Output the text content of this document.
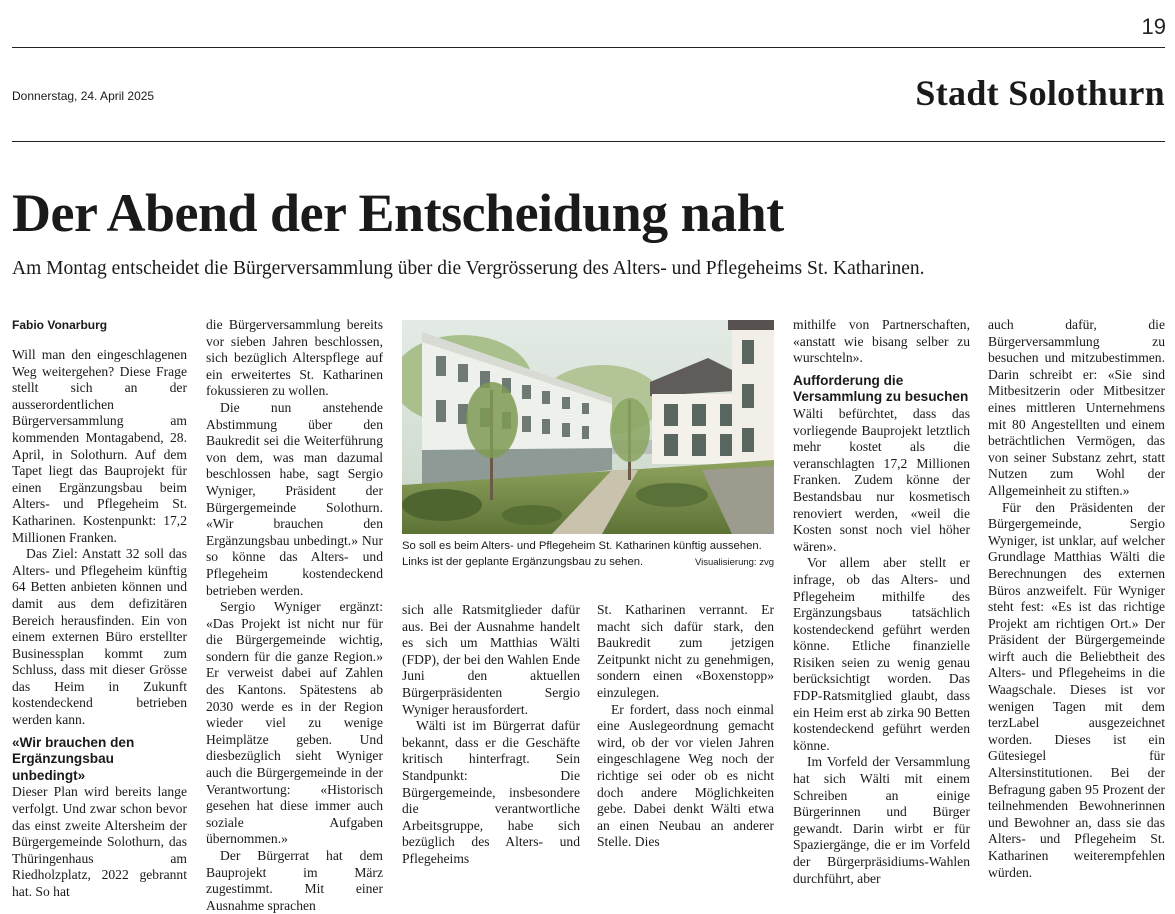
19
Donnerstag, 24. April 2025	Stadt Solothurn
Der Abend der Entscheidung naht
Am Montag entscheidet die Bürgerversammlung über die Vergrösserung des Alters- und Pflegeheims St. Katharinen.
Fabio Vonarburg

Will man den eingeschlagenen Weg weitergehen? Diese Frage stellt sich an der ausserordentlichen Bürgerversammlung am kommenden Montagabend, 28. April, in Solothurn. Auf dem Tapet liegt das Bauprojekt für einen Ergänzungsbau beim Alters- und Pflegeheim St. Katharinen. Kostenpunkt: 17,2 Millionen Franken.

Das Ziel: Anstatt 32 soll das Alters- und Pflegeheim künftig 64 Betten anbieten können und damit aus dem defizitären Bereich herausfinden. Ein von einem externen Büro erstellter Businessplan kommt zum Schluss, dass mit dieser Grösse das Heim in Zukunft kostendeckend betrieben werden kann.

«Wir brauchen den Ergänzungsbau unbedingt»

Dieser Plan wird bereits lange verfolgt. Und zwar schon bevor das einst zweite Altersheim der Bürgergemeinde Solothurn, das Thüringenhaus am Riedholzplatz, 2022 gebrannt hat. So hat

die Bürgerversammlung bereits vor sieben Jahren beschlossen, sich bezüglich Alterspflege auf ein erweitertes St. Katharinen fokussieren zu wollen.

Die nun anstehende Abstimmung über den Baukredit sei die Weiterführung von dem, was man dazumal beschlossen habe, sagt Sergio Wyniger, Präsident der Bürgergemeinde Solothurn. «Wir brauchen den Ergänzungsbau unbedingt.» Nur so könne das Alters- und Pflegeheim kostendeckend betrieben werden.

Sergio Wyniger ergänzt: «Das Projekt ist nicht nur für die Bürgergemeinde wichtig, sondern für die ganze Region.» Er verweist dabei auf Zahlen des Kantons. Spätestens ab 2030 werde es in der Region wieder viel zu wenige Heimplätze geben. Und diesbezüglich sieht Wyniger auch die Bürgergemeinde in der Verantwortung: «Historisch gesehen hat diese immer auch soziale Aufgaben übernommen.»

Der Bürgerrat hat dem Bauprojekt im März zugestimmt. Mit einer Ausnahme sprachen

So soll es beim Alters- und Pflegeheim St. Katharinen künftig aussehen. Links ist der geplante Ergänzungsbau zu sehen.	Visualisierung: zvg

sich alle Ratsmitglieder dafür aus. Bei der Ausnahme handelt es sich um Matthias Wälti (FDP), der bei den Wahlen Ende Juni den aktuellen Bürgerpräsidenten Sergio Wyniger herausfordert.

Wälti ist im Bürgerrat dafür bekannt, dass er die Geschäfte kritisch hinterfragt. Sein Standpunkt: Die Bürgergemeinde, insbesondere die verantwortliche Arbeitsgruppe, habe sich bezüglich des Alters- und Pflegeheims

St. Katharinen verrannt. Er macht sich dafür stark, den Baukredit zum jetzigen Zeitpunkt nicht zu genehmigen, sondern einen «Boxenstopp» einzulegen.

Er fordert, dass noch einmal eine Auslegeordnung gemacht wird, ob der vor vielen Jahren eingeschlagene Weg noch der richtige sei oder ob es nicht doch andere Möglichkeiten gebe. Dabei denkt Wälti etwa an einen Neubau an anderer Stelle. Dies

mithilfe von Partnerschaften, «anstatt wie bisang selber zu wurschteln».

Aufforderung die Versammlung zu besuchen

Wälti befürchtet, dass das vorliegende Bauprojekt letztlich mehr kostet als die veranschlagten 17,2 Millionen Franken. Zudem könne der Bestandsbau nur kosmetisch renoviert werden, «weil die Kosten sonst noch viel höher wären».

Vor allem aber stellt er infrage, ob das Alters- und Pflegeheim mithilfe des Ergänzungsbaus tatsächlich kostendeckend geführt werden könne. Etliche finanzielle Risiken seien zu wenig genau berücksichtigt worden. Das FDP-Ratsmitglied glaubt, dass ein Heim erst ab zirka 90 Betten kostendeckend geführt werden könne.

Im Vorfeld der Versammlung hat sich Wälti mit einem Schreiben an einige Bürgerinnen und Bürger gewandt. Darin wirbt er für Spaziergänge, die er im Vorfeld der Bürgerpräsidiums-Wahlen durchführt, aber

auch dafür, die Bürgerversammlung zu besuchen und mitzubestimmen. Darin schreibt er: «Sie sind Mitbesitzerin oder Mitbesitzer eines mittleren Unternehmens mit 80 Angestellten und einem beträchtlichen Vermögen, das von seiner Substanz zehrt, statt Nutzen zum Wohl der Allgemeinheit zu stiften.»

Für den Präsidenten der Bürgergemeinde, Sergio Wyniger, ist unklar, auf welcher Grundlage Matthias Wälti die Berechnungen des externen Büros anzweifelt. Für Wyniger steht fest: «Es ist das richtige Projekt am richtigen Ort.» Der Präsident der Bürgergemeinde wirft auch die Beliebtheit des Alters- und Pflegeheims in die Waagschale. Dieses ist vor wenigen Tagen mit dem terzLabel ausgezeichnet worden. Dieses ist ein Gütesiegel für Altersinstitutionen. Bei der Befragung gaben 95 Prozent der teilnehmenden Bewohnerinnen und Bewohner an, dass sie das Alters- und Pflegeheim St. Katharinen weiterempfehlen würden.
